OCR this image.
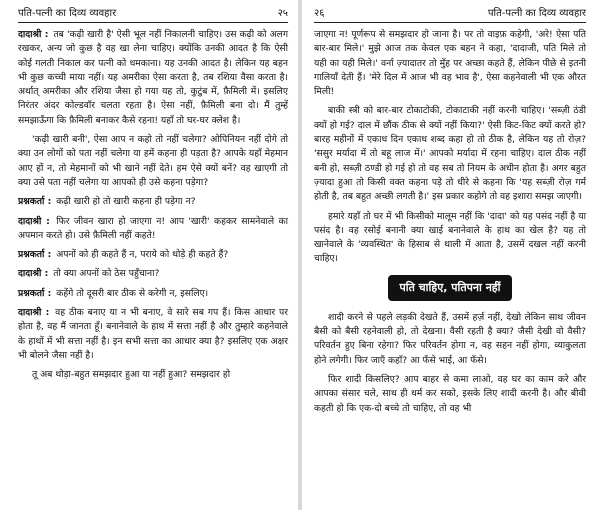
पति-पत्नी का दिव्य व्यवहार	२५

दादाश्री : तब 'कढ़ी खारी है' ऐसी भूल नहीं निकालनी चाहिए। उस कढ़ी को अलग रखकर, अन्य जो कुछ है वह खा लेना चाहिए। क्योंकि उनकी आदत है कि ऐसी कोई गलती निकाल कर पत्नी को धमकाना। यह उनकी आदत है। लेकिन यह बहन भी कुछ कच्ची माया नहीं। यह अमरीका ऐसा करता है, तब रशिया वैसा करता है। अर्थात् अमरीका और रशिया जैसा हो गया यह तो, कुटुंब में, फ़ैमिली में। इसलिए निरंतर अंदर कोल्डवॉर चलता रहता है। ऐसा नहीं, फ़ैमिली बना दो। मैं तुम्हें समझाऊँगा कि फ़ैमिली बनाकर कैसे रहना! यहाँ तो घर-घर क्लेश है।

'कढ़ी खारी बनी', ऐसा आप न कहो तो नहीं चलेगा? ओपिनियन नहीं दोगे तो क्या उन लोगों को पता नहीं चलेगा या हमें कहना ही पड़ता है? आपके यहाँ मेहमान आए हों न, तो मेहमानों को भी खाने नहीं देते। हम ऐसे क्यों बनें? वह खाएगी तो क्या उसे पता नहीं चलेगा या आपको ही उसे कहना पड़ेगा?

प्रश्नकर्ता : कढ़ी खारी हो तो खारी कहना ही पड़ेगा न?

दादाश्री : फिर जीवन खारा हो जाएगा न! आप 'खारी' कहकर सामनेवाले का अपमान करते हो। उसे फ़ैमिली नहीं कहते!

प्रश्नकर्ता : अपनों को ही कहते हैं न, पराये को थोड़े ही कहते हैं?

दादाश्री : तो क्या अपनों को ठेस पहुँचाना?

प्रश्नकर्ता : कहेंगे तो दूसरी बार ठीक से करेगी न, इसलिए।

दादाश्री : वह ठीक बनाए या न भी बनाए, वे सारे सब गप हैं। किस आधार पर होता है, वह मैं जानता हूँ। बनानेवाले के हाथ में सत्ता नहीं है और तुम्हारे कहनेवाले के हाथों में भी सत्ता नहीं है। इन सभी सत्ता का आधार क्या है? इसलिए एक अक्षर भी बोलने जैसा नहीं है।

तू अब थोड़ा-बहुत समझदार हुआ या नहीं हुआ? समझदार हो

२६	पति-पत्नी का दिव्य व्यवहार

जाएगा न! पूर्णरूप से समझदार हो जाना है। पर तो वाइफ़ कहेगी, 'अरे! ऐसा पति बार-बार मिले।' मुझे आज तक केवल एक बहन ने कहा, 'दादाजी, पति मिले तो यही का यही मिले।' वर्ना ज़्यादातर तो मुँह पर अच्छा कहते हैं, लेकिन पीछे से इतनी गालियाँ देती हैं। 'मेरे दिल में आज भी वह भाव है', ऐसा कहनेवाली भी एक औरत मिली!

बाकी स्त्री को बार-बार टोकाटोकी, टोकाटाकी नहीं करनी चाहिए। 'सब्ज़ी ठंडी क्यों हो गई? दाल में छौंक ठीक से क्यों नहीं किया?' ऐसी किट-किट क्यों करते हो? बारह महीनों में एकाध दिन एकाध शब्द कहा हो तो ठीक है, लेकिन यह तो रोज़? 'ससुर मर्यादा में तो बहू लाज में।' आपको मर्यादा में रहना चाहिए। दाल ठीक नहीं बनी हो, सब्ज़ी ठण्डी हो गई हो तो वह सब तो नियम के अधीन होता है। अगर बहुत ज़्यादा हुआ तो किसी वक्त कहना पड़े तो धीरे से कहना कि 'यह सब्ज़ी रोज़ गर्म होती है, तब बहुत अच्छी लगती है।' इस प्रकार कहोगे तो वह इशारा समझ जाएगी।

हमारे यहाँ तो घर में भी किसीको मालूम नहीं कि 'दादा' को यह पसंद नहीं है या पसंद है। वह रसोई बनानी क्या खाई बनानेवाले के हाथ का खेल है? यह तो खानेवाले के 'व्यवस्थित' के हिसाब से थाली में आता है, उसमें दखल नहीं करनी चाहिए।

पति चाहिए, पतिपना नहीं

शादी करने से पहले लड़की देखते हैं, उसमें हर्ज़ नहीं, देखो लेकिन साथ जीवन बैसी को बैसी रहनेवाली हो, तो देखना। वैसी रहती है क्या? जैसी देखी वो वैसी? परिवर्तन हुए बिना रहेगा? फिर परिवर्तन होगा न, वह सहन नहीं होगा, व्याकुलता होने लगेगी। फिर जाएँ कहाँ? आ फँसे भाई, आ फँसे।

फिर शादी किसलिए? आप बाहर से कमा लाओ, वह घर का काम करे और आपका संसार चले, साथ ही धर्म कर सको, इसके लिए शादी करनी है। और बीवी कहती हो कि एक-दो बच्चे तो चाहिए, तो वह भी
